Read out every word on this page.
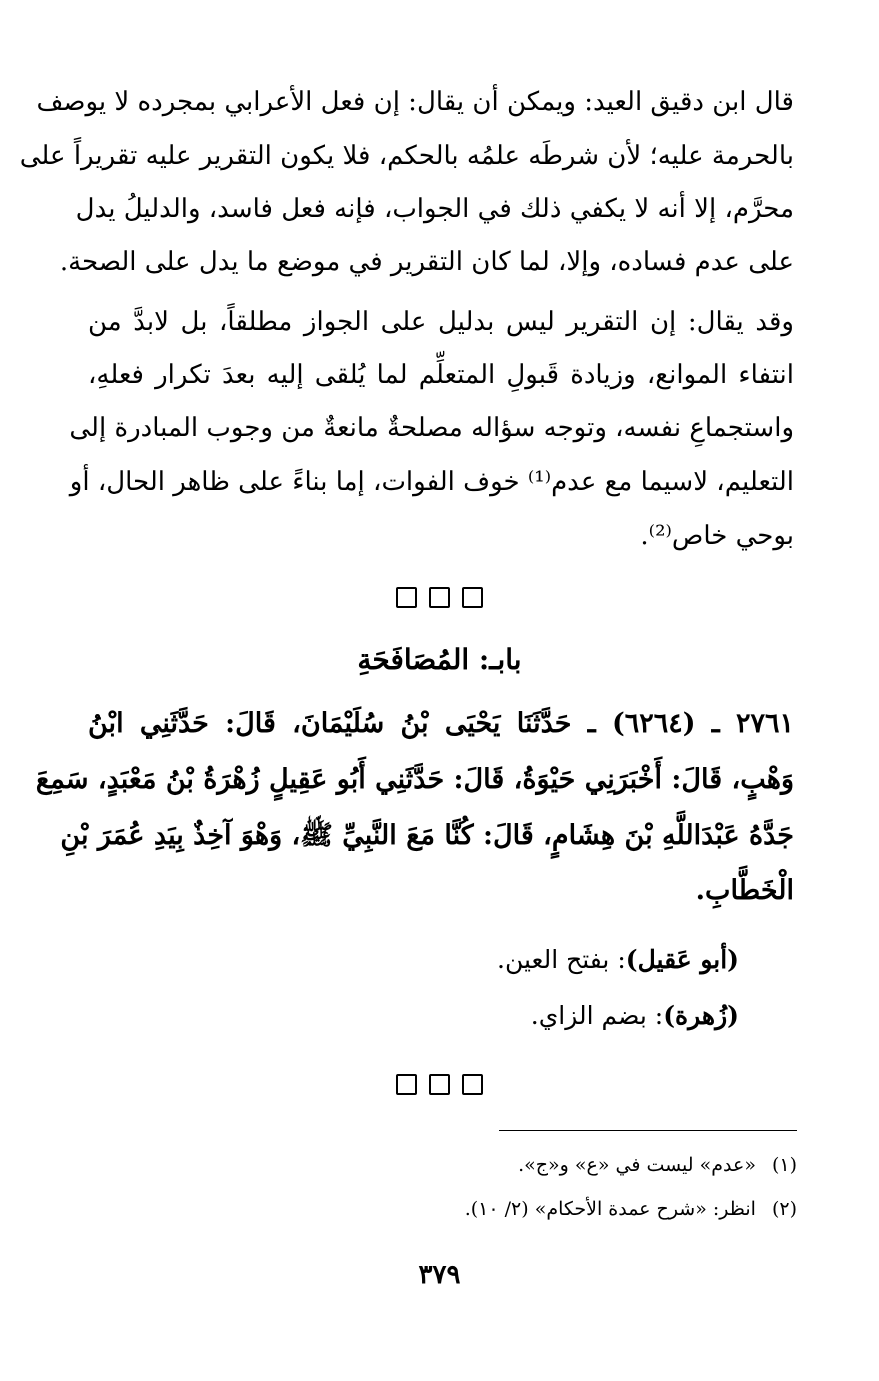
قال ابن دقيق العيد: ويمكن أن يقال: إن فعل الأعرابي بمجرده لا يوصف
بالحرمة عليه؛ لأن شرطَه علمُه بالحكم، فلا يكون التقرير عليه تقريراً على
محرَّم، إلا أنه لا يكفي ذلك في الجواب، فإنه فعل فاسد، والدليلُ يدل
على عدم فساده، وإلا، لما كان التقرير في موضع ما يدل على الصحة.
وقد يقال: إن التقرير ليس بدليل على الجواز مطلقاً، بل لابدَّ من
انتفاء الموانع، وزيادة قَبولِ المتعلِّم لما يُلقى إليه بعدَ تكرار فعلهِ،
واستجماعِ نفسه، وتوجه سؤاله مصلحةٌ مانعةٌ من وجوب المبادرة إلى
التعليم، لاسيما مع عدم⁽¹⁾ خوف الفوات، إما بناءً على ظاهر الحال، أو
بوحي خاص⁽²⁾.
بابـ: المُصَافَحَةِ
٢٧٦١ ـ (٦٢٦٤) ـ حَدَّثَنَا يَحْيَى بْنُ سُلَيْمَانَ، قَالَ: حَدَّثَنِي ابْنُ
وَهْبٍ، قَالَ: أَخْبَرَنِي حَيْوَةُ، قَالَ: حَدَّثَنِي أَبُو عَقِيلٍ زُهْرَةُ بْنُ مَعْبَدٍ، سَمِعَ
جَدَّهُ عَبْدَاللَّهِ بْنَ هِشَامٍ، قَالَ: كُنَّا مَعَ النَّبِيِّ ﷺ، وَهْوَ آخِذٌ بِيَدِ عُمَرَ بْنِ
الْخَطَّابِ.
(أبو عَقيل): بفتح العين.
(زُهرة): بضم الزاي.
(١)«عدم» ليست في «ع» و«ج».
(٢)انظر: «شرح عمدة الأحكام» (٢/ ١٠).
٣٧٩
